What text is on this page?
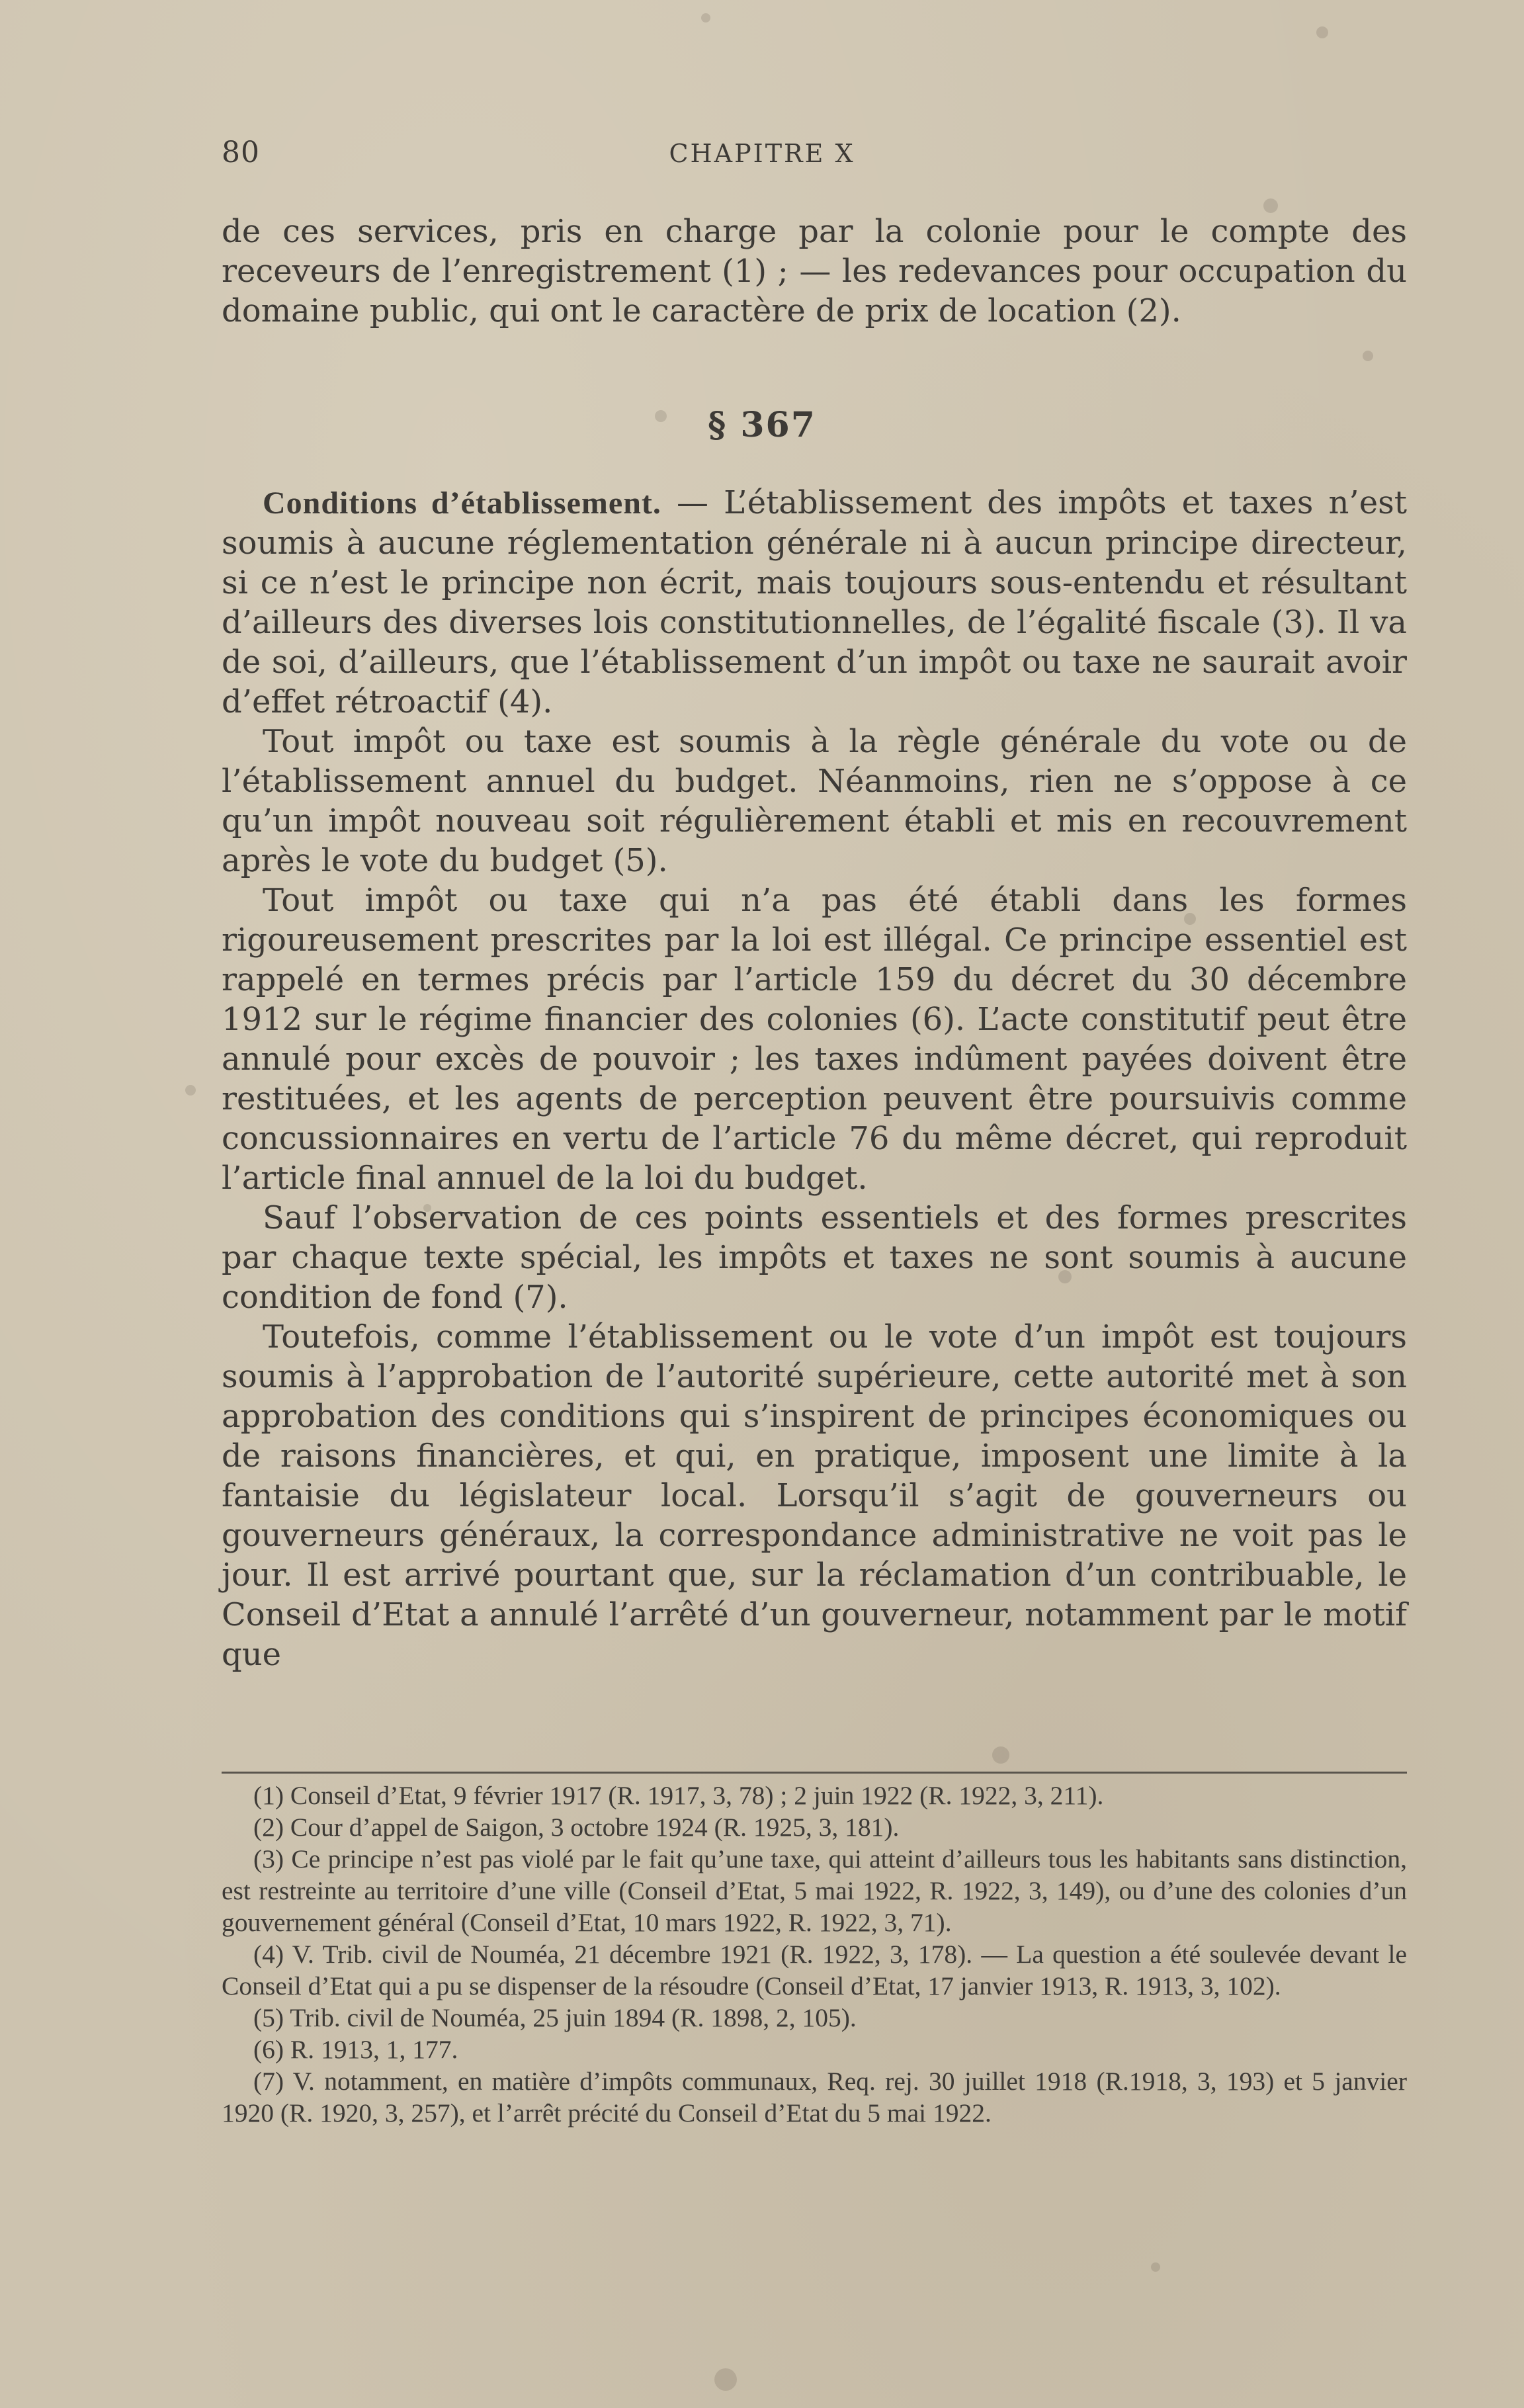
80	CHAPITRE X

de ces services, pris en charge par la colonie pour le compte des receveurs de l’enregistrement (1) ; — les redevances pour occupation du domaine public, qui ont le caractère de prix de location (2).

§ 367

Conditions d’établissement. — L’établissement des impôts et taxes n’est soumis à aucune réglementation générale ni à aucun principe directeur, si ce n’est le principe non écrit, mais toujours sous-entendu et résultant d’ailleurs des diverses lois constitutionnelles, de l’égalité fiscale (3). Il va de soi, d’ailleurs, que l’établissement d’un impôt ou taxe ne saurait avoir d’effet rétroactif (4).

Tout impôt ou taxe est soumis à la règle générale du vote ou de l’établissement annuel du budget. Néanmoins, rien ne s’oppose à ce qu’un impôt nouveau soit régulièrement établi et mis en recouvrement après le vote du budget (5).

Tout impôt ou taxe qui n’a pas été établi dans les formes rigoureusement prescrites par la loi est illégal. Ce principe essentiel est rappelé en termes précis par l’article 159 du décret du 30 décembre 1912 sur le régime financier des colonies (6). L’acte constitutif peut être annulé pour excès de pouvoir ; les taxes indûment payées doivent être restituées, et les agents de perception peuvent être poursuivis comme concussionnaires en vertu de l’article 76 du même décret, qui reproduit l’article final annuel de la loi du budget.

Sauf l’observation de ces points essentiels et des formes prescrites par chaque texte spécial, les impôts et taxes ne sont soumis à aucune condition de fond (7).

Toutefois, comme l’établissement ou le vote d’un impôt est toujours soumis à l’approbation de l’autorité supérieure, cette autorité met à son approbation des conditions qui s’inspirent de principes économiques ou de raisons financières, et qui, en pratique, imposent une limite à la fantaisie du législateur local. Lorsqu’il s’agit de gouverneurs ou gouverneurs généraux, la correspondance administrative ne voit pas le jour. Il est arrivé pourtant que, sur la réclamation d’un contribuable, le Conseil d’Etat a annulé l’arrêté d’un gouverneur, notamment par le motif que

(1) Conseil d’Etat, 9 février 1917 (R. 1917, 3, 78) ; 2 juin 1922 (R. 1922, 3, 211).

(2) Cour d’appel de Saigon, 3 octobre 1924 (R. 1925, 3, 181).

(3) Ce principe n’est pas violé par le fait qu’une taxe, qui atteint d’ailleurs tous les habitants sans distinction, est restreinte au territoire d’une ville (Conseil d’Etat, 5 mai 1922, R. 1922, 3, 149), ou d’une des colonies d’un gouvernement général (Conseil d’Etat, 10 mars 1922, R. 1922, 3, 71).

(4) V. Trib. civil de Nouméa, 21 décembre 1921 (R. 1922, 3, 178). — La question a été soulevée devant le Conseil d’Etat qui a pu se dispenser de la résoudre (Conseil d’Etat, 17 janvier 1913, R. 1913, 3, 102).

(5) Trib. civil de Nouméa, 25 juin 1894 (R. 1898, 2, 105).

(6) R. 1913, 1, 177.

(7) V. notamment, en matière d’impôts communaux, Req. rej. 30 juillet 1918 (R.1918, 3, 193) et 5 janvier 1920 (R. 1920, 3, 257), et l’arrêt précité du Conseil d’Etat du 5 mai 1922.
